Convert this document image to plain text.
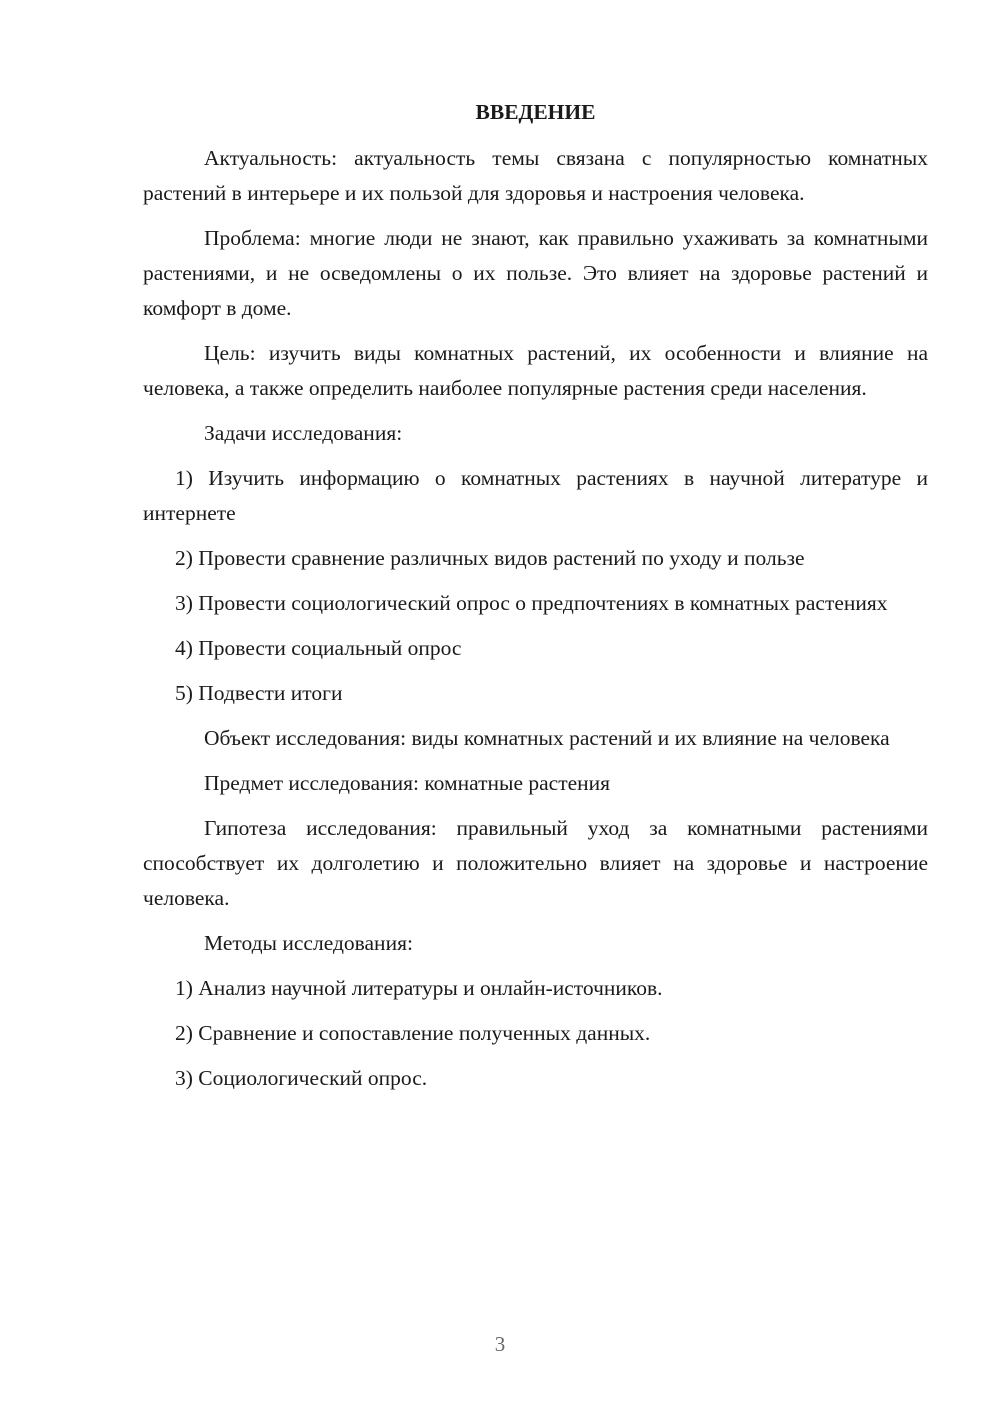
ВВЕДЕНИЕ

Актуальность: актуальность темы связана с популярностью комнатных растений в интерьере и их пользой для здоровья и настроения человека.

Проблема: многие люди не знают, как правильно ухаживать за комнатными растениями, и не осведомлены о их пользе. Это влияет на здоровье растений и комфорт в доме.

Цель: изучить виды комнатных растений, их особенности и влияние на человека, а также определить наиболее популярные растения среди населения.

Задачи исследования:

1) Изучить информацию о комнатных растениях в научной литературе и интернете

2) Провести сравнение различных видов растений по уходу и пользе

3) Провести социологический опрос о предпочтениях в комнатных растениях

4) Провести социальный опрос

5) Подвести итоги

Объект исследования: виды комнатных растений и их влияние на человека

Предмет исследования: комнатные растения

Гипотеза исследования: правильный уход за комнатными растениями способствует их долголетию и положительно влияет на здоровье и настроение человека.

Методы исследования:

1) Анализ научной литературы и онлайн-источников.

2) Сравнение и сопоставление полученных данных.

3) Социологический опрос.

3
